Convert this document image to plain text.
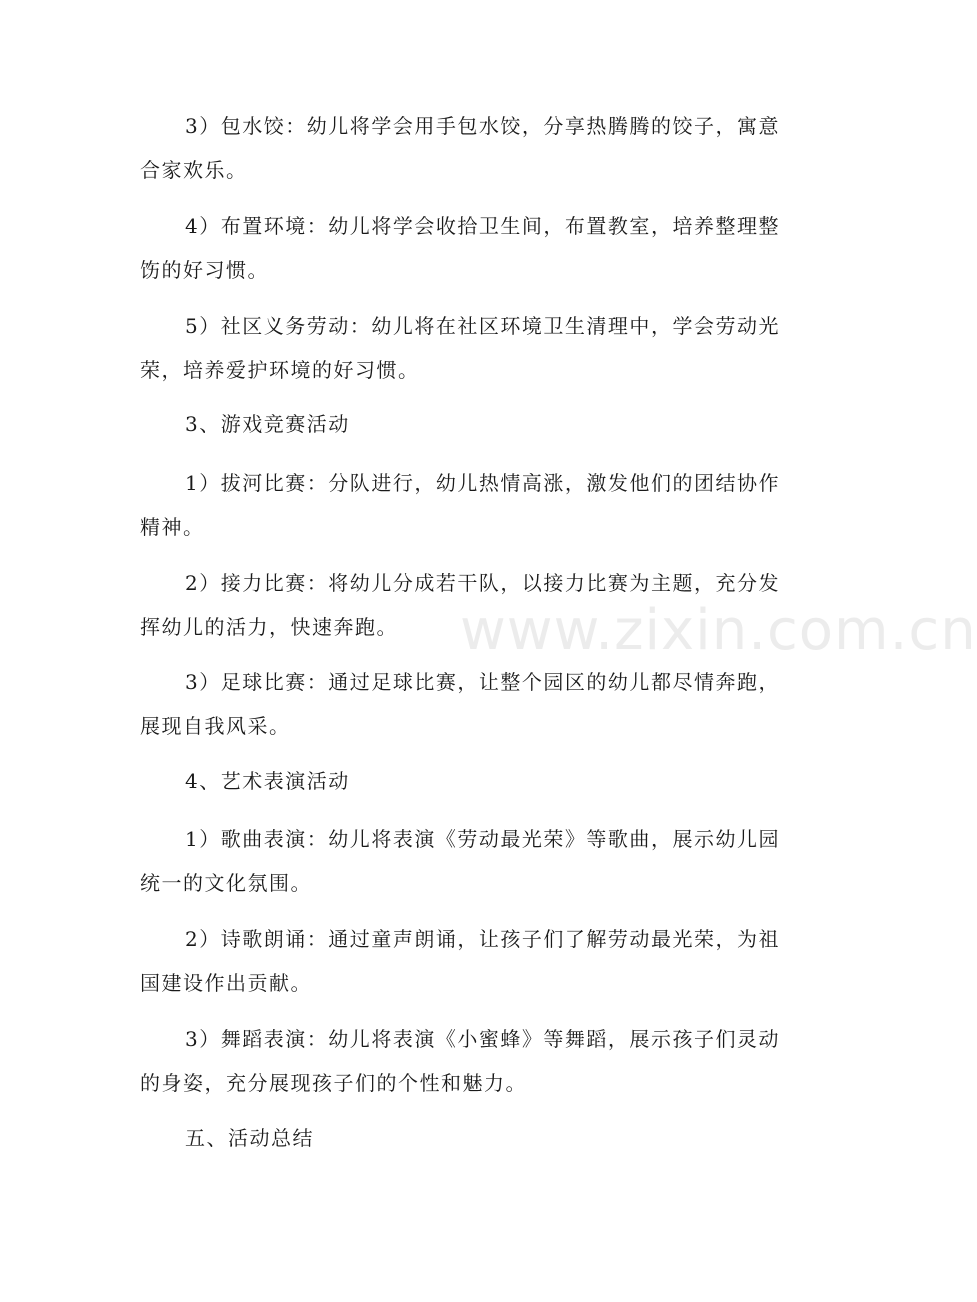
www.zixin.com.cn

3）包水饺：幼儿将学会用手包水饺，分享热腾腾的饺子，寓意
合家欢乐。

4）布置环境：幼儿将学会收拾卫生间，布置教室，培养整理整
饬的好习惯。

5）社区义务劳动：幼儿将在社区环境卫生清理中，学会劳动光
荣，培养爱护环境的好习惯。

3、游戏竞赛活动

1）拔河比赛：分队进行，幼儿热情高涨，激发他们的团结协作
精神。

2）接力比赛：将幼儿分成若干队，以接力比赛为主题，充分发
挥幼儿的活力，快速奔跑。

3）足球比赛：通过足球比赛，让整个园区的幼儿都尽情奔跑，
展现自我风采。

4、艺术表演活动

1）歌曲表演：幼儿将表演《劳动最光荣》等歌曲，展示幼儿园
统一的文化氛围。

2）诗歌朗诵：通过童声朗诵，让孩子们了解劳动最光荣，为祖
国建设作出贡献。

3）舞蹈表演：幼儿将表演《小蜜蜂》等舞蹈，展示孩子们灵动
的身姿，充分展现孩子们的个性和魅力。

五、活动总结
